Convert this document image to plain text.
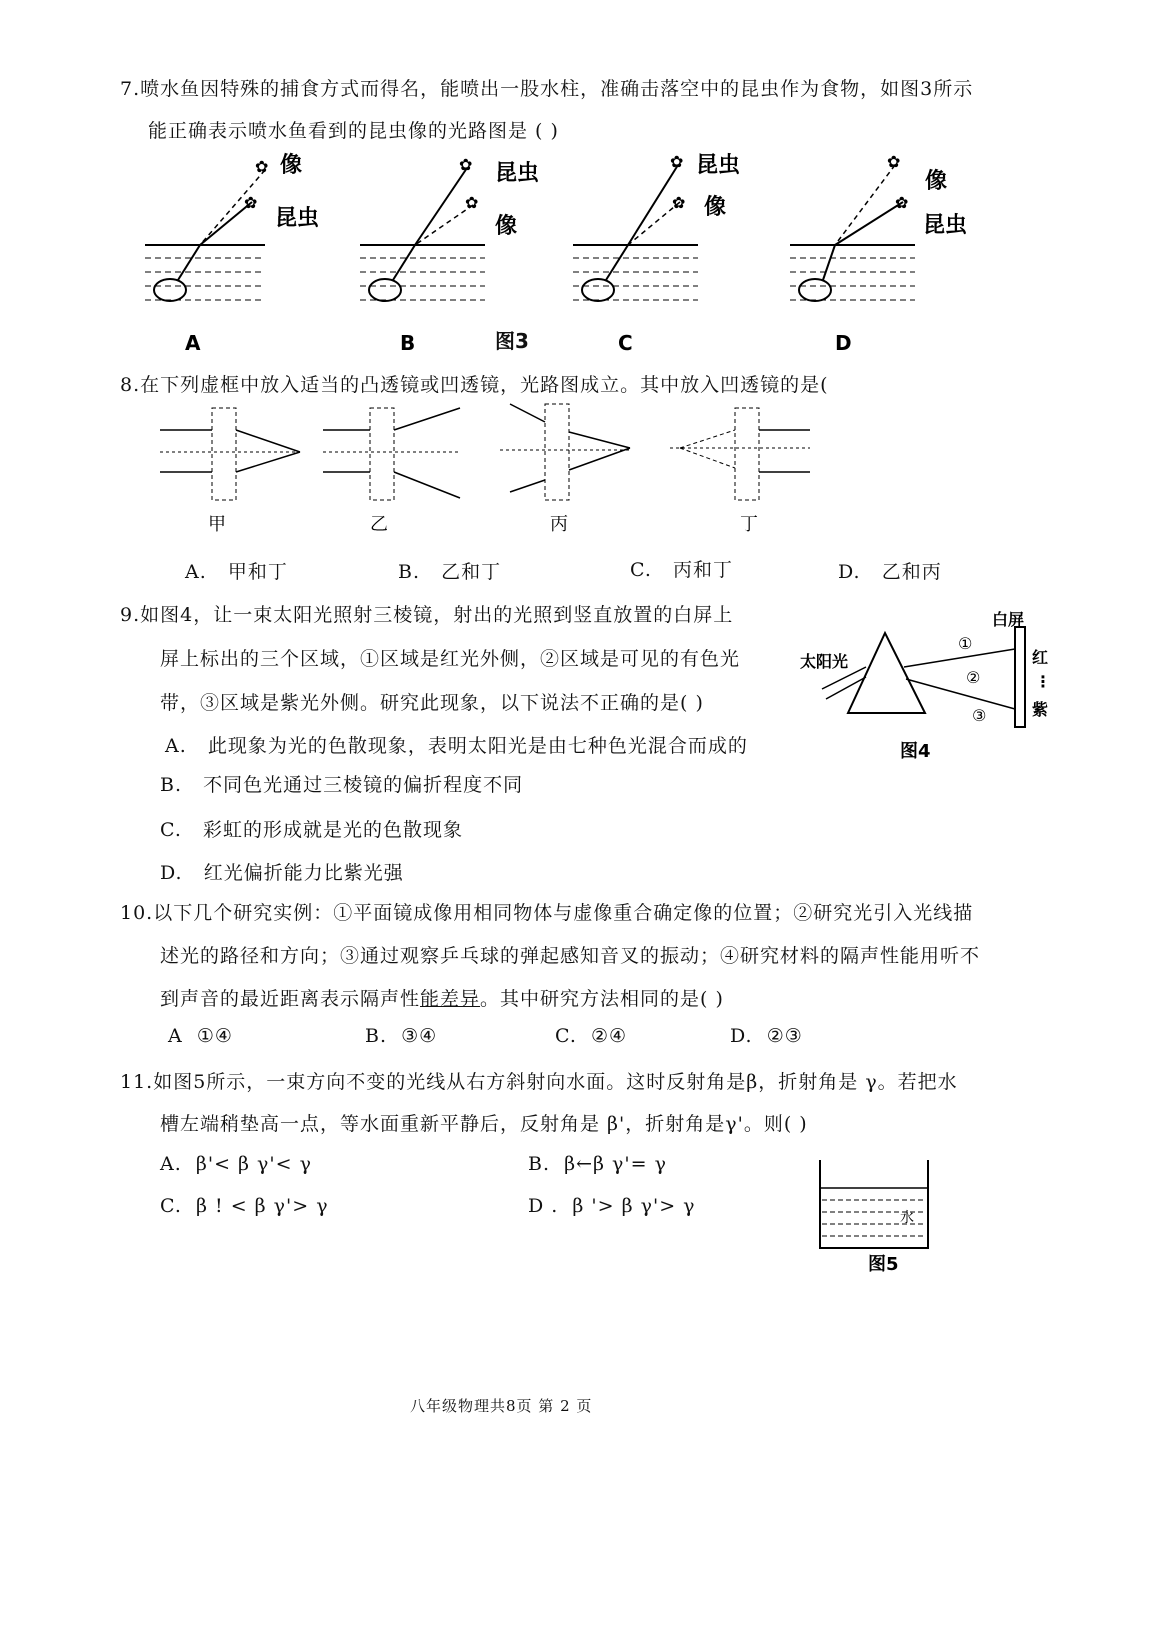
7.喷水鱼因特殊的捕食方式而得名，能喷出一股水柱，准确击落空中的昆虫作为食物，如图3所示
能正确表示喷水鱼看到的昆虫像的光路图是 ( )
✿
✿
像
昆虫
A
✿
✿
昆虫
像
B	图3
✿
✿
昆虫
像
C
✿
✿
像
昆虫
D
8.在下列虚框中放入适当的凸透镜或凹透镜，光路图成立。其中放入凹透镜的是(
甲	乙	丙	丁
A. 甲和丁	B. 乙和丁	C. 丙和丁	D. 乙和丙
9.如图4，让一束太阳光照射三棱镜，射出的光照到竖直放置的白屏上
屏上标出的三个区域，①区域是红光外侧，②区域是可见的有色光
带，③区域是紫光外侧。研究此现象，以下说法不正确的是( )
A. 此现象为光的色散现象，表明太阳光是由七种色光混合而成的
B. 不同色光通过三棱镜的偏折程度不同
C. 彩虹的形成就是光的色散现象
D. 红光偏折能力比紫光强
白屏
太阳光
①
②
③
红
⋮
紫
图4
10.以下几个研究实例：①平面镜成像用相同物体与虚像重合确定像的位置；②研究光引入光线描
述光的路径和方向；③通过观察乒乓球的弹起感知音叉的振动；④研究材料的隔声性能用听不
到声音的最近距离表示隔声性能差异。其中研究方法相同的是( )
A ①④	B. ③④	C. ②④	D. ②③
11.如图5所示，一束方向不变的光线从右方斜射向水面。这时反射角是β，折射角是 γ。若把水
槽左端稍垫高一点，等水面重新平静后，反射角是 β'，折射角是γ'。则( )
A. β'< β γ'< γ	B. β←β γ'= γ
C. β ! < β γ'> γ	D . β '> β γ'> γ
水
图5
八年级物理共8页 第 2 页
